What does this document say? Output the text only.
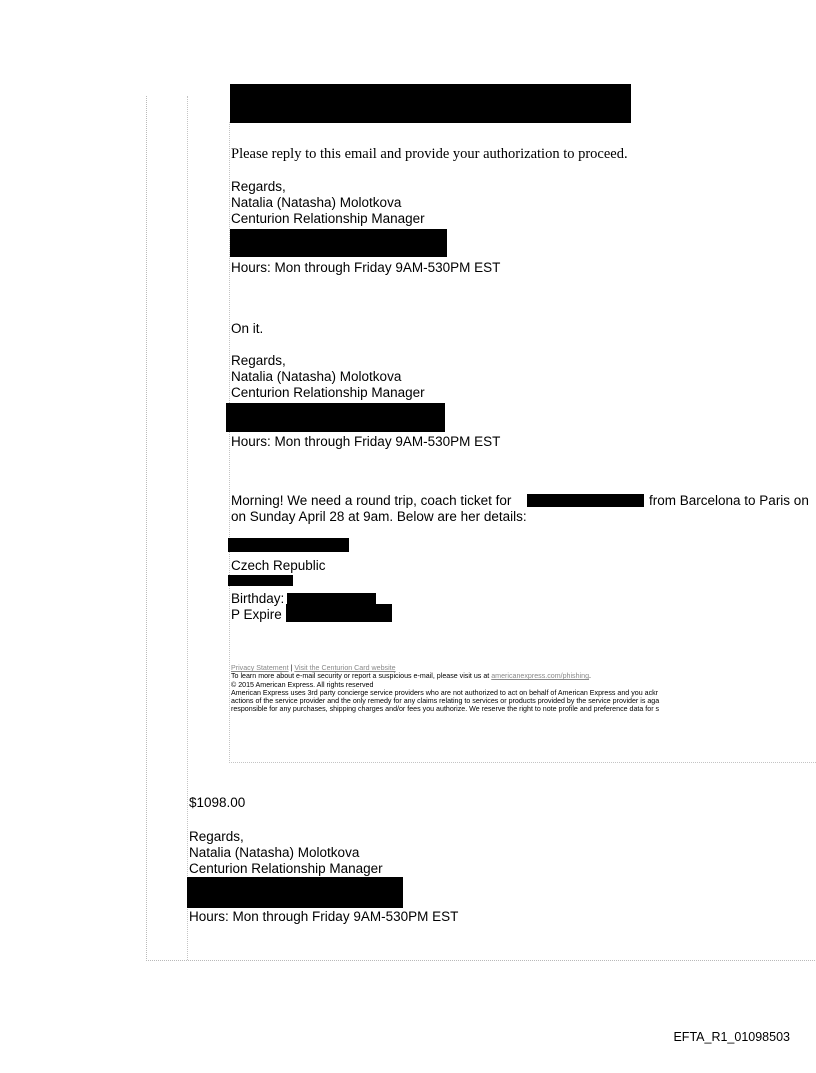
Please reply to this email and provide your authorization to proceed.
Regards,
Natalia (Natasha) Molotkova
Centurion Relationship Manager
Hours: Mon through Friday 9AM-530PM EST
On it.
Regards,
Natalia (Natasha) Molotkova
Centurion Relationship Manager
Hours: Mon through Friday 9AM-530PM EST
Morning! We need a round trip, coach ticket for	from Barcelona to Paris on
on Sunday April 28 at 9am. Below are her details:
Czech Republic
Birthday:
P Expire
Privacy Statement | Visit the Centurion Card website
To learn more about e-mail security or report a suspicious e-mail, please visit us at americanexpress.com/phishing.
© 2015 American Express. All rights reserved
American Express uses 3rd party concierge service providers who are not authorized to act on behalf of American Express and you ackr
actions of the service provider and the only remedy for any claims relating to services or products provided by the service provider is aga
responsible for any purchases, shipping charges and/or fees you authorize. We reserve the right to note profile and preference data for s
$1098.00
Regards,
Natalia (Natasha) Molotkova
Centurion Relationship Manager
Hours: Mon through Friday 9AM-530PM EST
EFTA_R1_01098503
